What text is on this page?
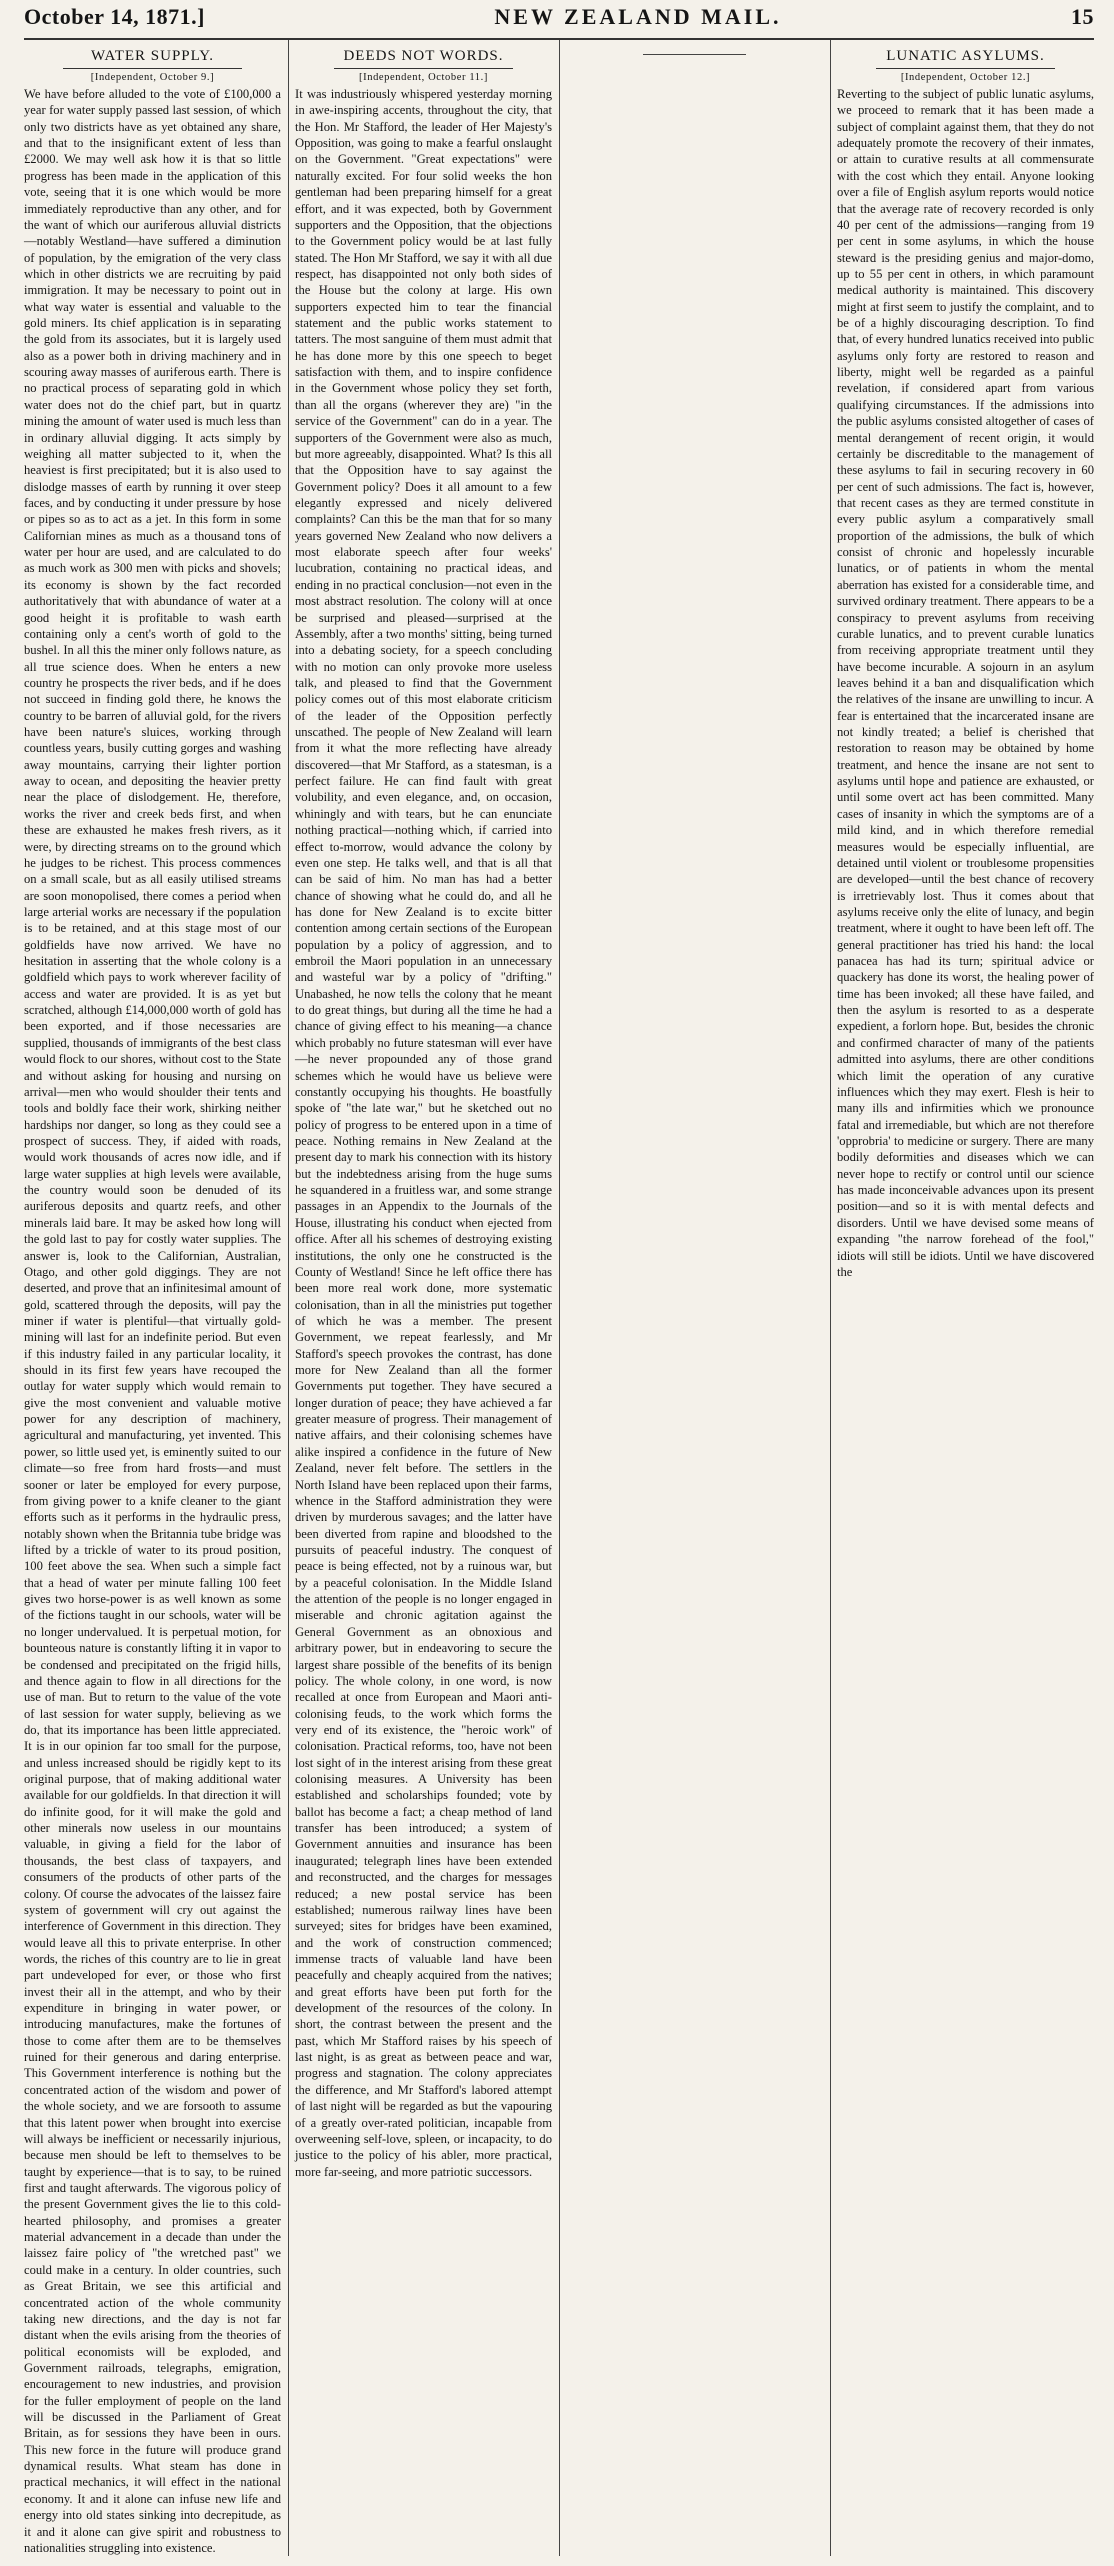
October 14, 1871.]	NEW ZEALAND MAIL.	15
WATER SUPPLY.
[Independent, October 9.]

We have before alluded to the vote of £100,000 a year for water supply passed last session, of which only two districts have as yet obtained any share, and that to the insignificant extent of less than £2000. We may well ask how it is that so little progress has been made in the application of this vote, seeing that it is one which would be more immediately reproductive than any other, and for the want of which our auriferous alluvial districts—notably Westland—have suffered a diminution of population, by the emigration of the very class which in other districts we are recruiting by paid immigration. It may be necessary to point out in what way water is essential and valuable to the gold miners. Its chief application is in separating the gold from its associates, but it is largely used also as a power both in driving machinery and in scouring away masses of auriferous earth. There is no practical process of separating gold in which water does not do the chief part, but in quartz mining the amount of water used is much less than in ordinary alluvial digging. It acts simply by weighing all matter subjected to it, when the heaviest is first precipitated; but it is also used to dislodge masses of earth by running it over steep faces, and by conducting it under pressure by hose or pipes so as to act as a jet. In this form in some Californian mines as much as a thousand tons of water per hour are used, and are calculated to do as much work as 300 men with picks and shovels; its economy is shown by the fact recorded authoritatively that with abundance of water at a good height it is profitable to wash earth containing only a cent's worth of gold to the bushel. In all this the miner only follows nature, as all true science does. When he enters a new country he prospects the river beds, and if he does not succeed in finding gold there, he knows the country to be barren of alluvial gold, for the rivers have been nature's sluices, working through countless years, busily cutting gorges and washing away mountains, carrying their lighter portion away to ocean, and depositing the heavier pretty near the place of dislodgement. He, therefore, works the river and creek beds first, and when these are exhausted he makes fresh rivers, as it were, by directing streams on to the ground which he judges to be richest. This process commences on a small scale, but as all easily utilised streams are soon monopolised, there comes a period when large arterial works are necessary if the population is to be retained, and at this stage most of our goldfields have now arrived. We have no hesitation in asserting that the whole colony is a goldfield which pays to work wherever facility of access and water are provided. It is as yet but scratched, although £14,000,000 worth of gold has been exported, and if those necessaries are supplied, thousands of immigrants of the best class would flock to our shores, without cost to the State and without asking for housing and nursing on arrival—men who would shoulder their tents and tools and boldly face their work, shirking neither hardships nor danger, so long as they could see a prospect of success. They, if aided with roads, would work thousands of acres now idle, and if large water supplies at high levels were available, the country would soon be denuded of its auriferous deposits and quartz reefs, and other minerals laid bare. It may be asked how long will the gold last to pay for costly water supplies. The answer is, look to the Californian, Australian, Otago, and other gold diggings. They are not deserted, and prove that an infinitesimal amount of gold, scattered through the deposits, will pay the miner if water is plentiful—that virtually gold-mining will last for an indefinite period. But even if this industry failed in any particular locality, it should in its first few years have recouped the outlay for water supply which would remain to give the most convenient and valuable motive power for any description of machinery, agricultural and manufacturing, yet invented. This power, so little used yet, is eminently suited to our climate—so free from hard frosts—and must sooner or later be employed for every purpose, from giving power to a knife cleaner to the giant efforts such as it performs in the hydraulic press, notably shown when the Britannia tube bridge was lifted by a trickle of water to its proud position, 100 feet above the sea. When such a simple fact that a head of water per minute falling 100 feet gives two horse-power is as well known as some of the fictions taught in our schools, water will be no longer undervalued. It is perpetual motion, for bounteous nature is constantly lifting it in vapor to be condensed and precipitated on the frigid hills, and thence again to flow in all directions for the use of man. But to return to the value of the vote of last session for water supply, believing as we do, that its importance has been little appreciated. It is in our opinion far too small for the purpose, and unless increased should be rigidly kept to its original purpose, that of making additional water available for our goldfields. In that direction it will do infinite good, for it will make the gold and other minerals now useless in our mountains valuable, in giving a field for the labor of thousands, the best class of taxpayers, and consumers of the products of other parts of the colony. Of course the advocates of the laissez faire system of government will cry out against the interference of Government in this direction. They would leave all this to private enterprise. In other words, the riches of this country are to lie in great part undeveloped for ever, or those who first invest their all in the attempt, and who by their expenditure in bringing in water power, or introducing manufactures, make the fortunes of those to come after them are to be themselves ruined for their generous and daring enterprise. This Government interference is nothing but the concentrated action of the wisdom and power of the whole society, and we are forsooth to assume that this latent power when brought into exercise will always be inefficient or necessarily injurious, because men should be left to themselves to be taught by experience—that is to say, to be ruined first and taught afterwards. The vigorous policy of the present Government gives the lie to this cold-hearted philosophy, and promises a greater material advancement in a decade than under the laissez faire policy of "the wretched past" we could make in a century. In older countries, such as Great Britain, we see this artificial and concentrated action of the whole community taking new directions, and the day is not far distant when the evils arising from the theories of political economists will be exploded, and Government railroads, telegraphs, emigration, encouragement to new industries, and provision for the fuller employment of people on the land will be discussed in the Parliament of Great Britain, as for sessions they have been in ours. This new force in the future will produce grand dynamical results. What steam has done in practical mechanics, it will effect in the national economy. It and it alone can infuse new life and energy into old states sinking into decrepitude, as it and it alone can give spirit and robustness to nationalities struggling into existence.

DEEDS NOT WORDS.
[Independent, October 11.]

It was industriously whispered yesterday morning in awe-inspiring accents, throughout the city, that the Hon. Mr Stafford, the leader of Her Majesty's Opposition, was going to make a fearful onslaught on the Government. "Great expectations" were naturally excited. For four solid weeks the hon gentleman had been preparing himself for a great effort, and it was expected, both by Government supporters and the Opposition, that the objections to the Government policy would be at last fully stated. The Hon Mr Stafford, we say it with all due respect, has disappointed not only both sides of the House but the colony at large. His own supporters expected him to tear the financial statement and the public works statement to tatters. The most sanguine of them must admit that he has done more by this one speech to beget satisfaction with them, and to inspire confidence in the Government whose policy they set forth, than all the organs (wherever they are) "in the service of the Government" can do in a year. The supporters of the Government were also as much, but more agreeably, disappointed. What? Is this all that the Opposition have to say against the Government policy? Does it all amount to a few elegantly expressed and nicely delivered complaints? Can this be the man that for so many years governed New Zealand who now delivers a most elaborate speech after four weeks' lucubration, containing no practical ideas, and ending in no practical conclusion—not even in the most abstract resolution. The colony will at once be surprised and pleased—surprised at the Assembly, after a two months' sitting, being turned into a debating society, for a speech concluding with no motion can only provoke more useless talk, and pleased to find that the Government policy comes out of this most elaborate criticism of the leader of the Opposition perfectly unscathed. The people of New Zealand will learn from it what the more reflecting have already discovered—that Mr Stafford, as a statesman, is a perfect failure. He can find fault with great volubility, and even elegance, and, on occasion, whiningly and with tears, but he can enunciate nothing practical—nothing which, if carried into effect to-morrow, would advance the colony by even one step. He talks well, and that is all that can be said of him. No man has had a better chance of showing what he could do, and all he has done for New Zealand is to excite bitter contention among certain sections of the European population by a policy of aggression, and to embroil the Maori population in an unnecessary and wasteful war by a policy of "drifting." Unabashed, he now tells the colony that he meant to do great things, but during all the time he had a chance of giving effect to his meaning—a chance which probably no future statesman will ever have—he never propounded any of those grand schemes which he would have us believe were constantly occupying his thoughts. He boastfully spoke of "the late war," but he sketched out no policy of progress to be entered upon in a time of peace. Nothing remains in New Zealand at the present day to mark his connection with its history but the indebtedness arising from the huge sums he squandered in a fruitless war, and some strange passages in an Appendix to the Journals of the House, illustrating his conduct when ejected from office. After all his schemes of destroying existing institutions, the only one he constructed is the County of Westland! Since he left office there has been more real work done, more systematic colonisation, than in all the ministries put together of which he was a member. The present Government, we repeat fearlessly, and Mr Stafford's speech provokes the contrast, has done more for New Zealand than all the former Governments put together. They have secured a longer duration of peace; they have achieved a far greater measure of progress. Their management of native affairs, and their colonising schemes have alike inspired a confidence in the future of New Zealand, never felt before. The settlers in the North Island have been replaced upon their farms, whence in the Stafford administration they were driven by murderous savages; and the latter have been diverted from rapine and bloodshed to the pursuits of peaceful industry. The conquest of peace is being effected, not by a ruinous war, but by a peaceful colonisation. In the Middle Island the attention of the people is no longer engaged in miserable and chronic agitation against the General Government as an obnoxious and arbitrary power, but in endeavoring to secure the largest share possible of the benefits of its benign policy. The whole colony, in one word, is now recalled at once from European and Maori anti-colonising feuds, to the work which forms the very end of its existence, the "heroic work" of colonisation. Practical reforms, too, have not been lost sight of in the interest arising from these great colonising measures. A University has been established and scholarships founded; vote by ballot has become a fact; a cheap method of land transfer has been introduced; a system of Government annuities and insurance has been inaugurated; telegraph lines have been extended and reconstructed, and the charges for messages reduced; a new postal service has been established; numerous railway lines have been surveyed; sites for bridges have been examined, and the work of construction commenced; immense tracts of valuable land have been peacefully and cheaply acquired from the natives; and great efforts have been put forth for the development of the resources of the colony. In short, the contrast between the present and the past, which Mr Stafford raises by his speech of last night, is as great as between peace and war, progress and stagnation. The colony appreciates the difference, and Mr Stafford's labored attempt of last night will be regarded as but the vapouring of a greatly over-rated politician, incapable from overweening self-love, spleen, or incapacity, to do justice to the policy of his abler, more practical, more far-seeing, and more patriotic successors.

LUNATIC ASYLUMS.
[Independent, October 12.]

Reverting to the subject of public lunatic asylums, we proceed to remark that it has been made a subject of complaint against them, that they do not adequately promote the recovery of their inmates, or attain to curative results at all commensurate with the cost which they entail. Anyone looking over a file of English asylum reports would notice that the average rate of recovery recorded is only 40 per cent of the admissions—ranging from 19 per cent in some asylums, in which the house steward is the presiding genius and major-domo, up to 55 per cent in others, in which paramount medical authority is maintained. This discovery might at first seem to justify the complaint, and to be of a highly discouraging description. To find that, of every hundred lunatics received into public asylums only forty are restored to reason and liberty, might well be regarded as a painful revelation, if considered apart from various qualifying circumstances. If the admissions into the public asylums consisted altogether of cases of mental derangement of recent origin, it would certainly be discreditable to the management of these asylums to fail in securing recovery in 60 per cent of such admissions. The fact is, however, that recent cases as they are termed constitute in every public asylum a comparatively small proportion of the admissions, the bulk of which consist of chronic and hopelessly incurable lunatics, or of patients in whom the mental aberration has existed for a considerable time, and survived ordinary treatment. There appears to be a conspiracy to prevent asylums from receiving curable lunatics, and to prevent curable lunatics from receiving appropriate treatment until they have become incurable. A sojourn in an asylum leaves behind it a ban and disqualification which the relatives of the insane are unwilling to incur. A fear is entertained that the incarcerated insane are not kindly treated; a belief is cherished that restoration to reason may be obtained by home treatment, and hence the insane are not sent to asylums until hope and patience are exhausted, or until some overt act has been committed. Many cases of insanity in which the symptoms are of a mild kind, and in which therefore remedial measures would be especially influential, are detained until violent or troublesome propensities are developed—until the best chance of recovery is irretrievably lost. Thus it comes about that asylums receive only the elite of lunacy, and begin treatment, where it ought to have been left off. The general practitioner has tried his hand: the local panacea has had its turn; spiritual advice or quackery has done its worst, the healing power of time has been invoked; all these have failed, and then the asylum is resorted to as a desperate expedient, a forlorn hope. But, besides the chronic and confirmed character of many of the patients admitted into asylums, there are other conditions which limit the operation of any curative influences which they may exert. Flesh is heir to many ills and infirmities which we pronounce fatal and irremediable, but which are not therefore 'opprobria' to medicine or surgery. There are many bodily deformities and diseases which we can never hope to rectify or control until our science has made inconceivable advances upon its present position—and so it is with mental defects and disorders. Until we have devised some means of expanding "the narrow forehead of the fool," idiots will still be idiots. Until we have discovered the
